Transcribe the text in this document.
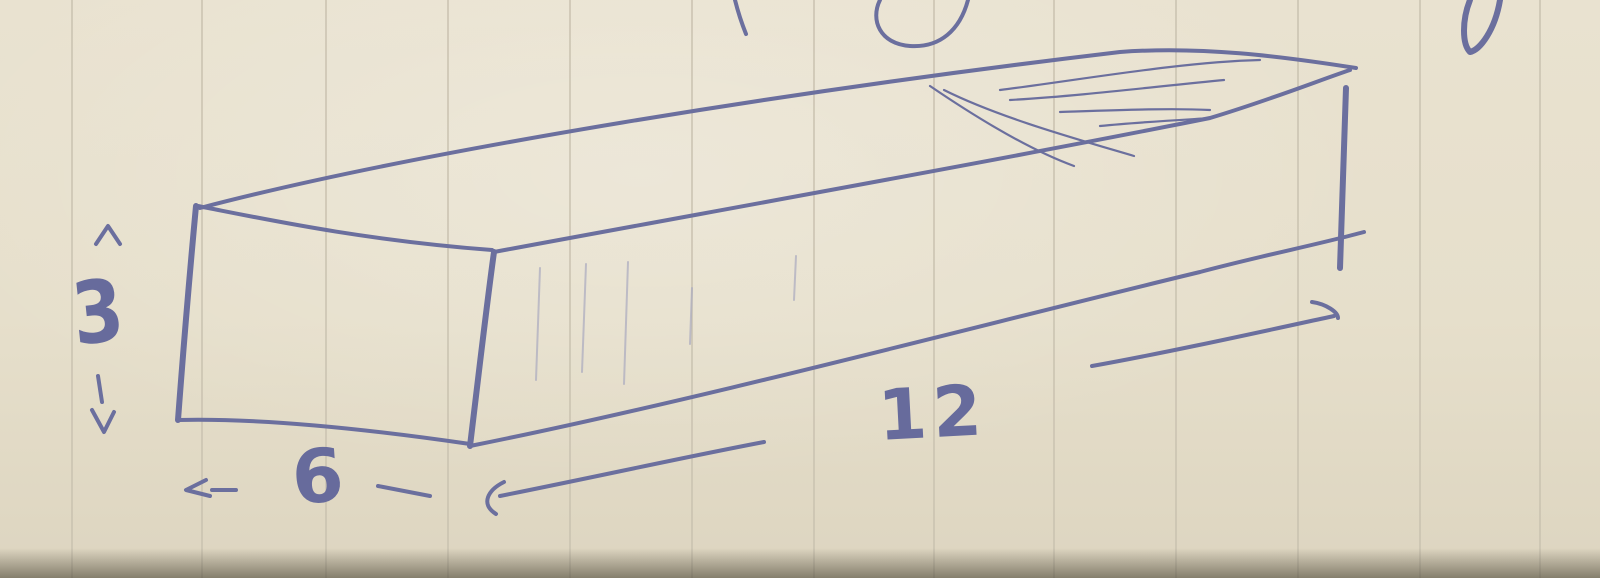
3
6
12
